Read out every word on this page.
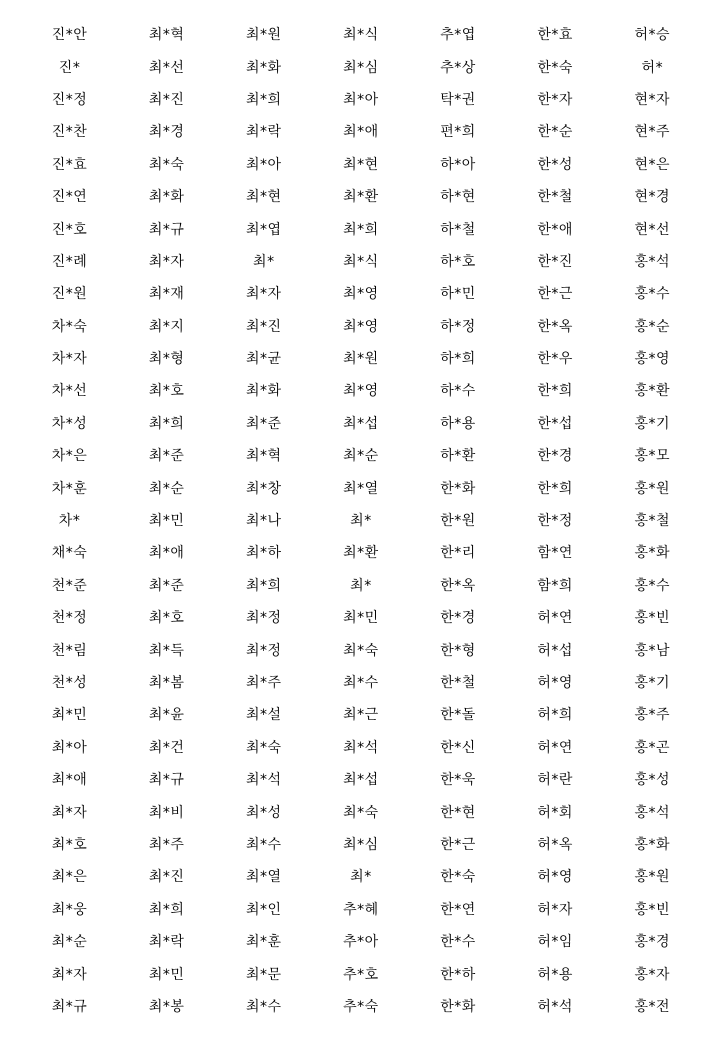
진*안	최*혁	최*원	최*식	추*엽	한*효	허*승
진*	최*선	최*화	최*심	추*상	한*숙	허*
진*정	최*진	최*희	최*아	탁*권	한*자	현*자
진*찬	최*경	최*락	최*애	편*희	한*순	현*주
진*효	최*숙	최*아	최*현	하*아	한*성	현*은
진*연	최*화	최*현	최*환	하*현	한*철	현*경
진*호	최*규	최*엽	최*희	하*철	한*애	현*선
진*례	최*자	최*	최*식	하*호	한*진	홍*석
진*원	최*재	최*자	최*영	하*민	한*근	홍*수
차*숙	최*지	최*진	최*영	하*정	한*옥	홍*순
차*자	최*형	최*균	최*원	하*희	한*우	홍*영
차*선	최*호	최*화	최*영	하*수	한*희	홍*환
차*성	최*희	최*준	최*섭	하*용	한*섭	홍*기
차*은	최*준	최*혁	최*순	하*환	한*경	홍*모
차*훈	최*순	최*창	최*열	한*화	한*희	홍*원
차*	최*민	최*나	최*	한*원	한*정	홍*철
채*숙	최*애	최*하	최*환	한*리	함*연	홍*화
천*준	최*준	최*희	최*	한*옥	함*희	홍*수
천*정	최*호	최*정	최*민	한*경	허*연	홍*빈
천*림	최*득	최*정	최*숙	한*형	허*섭	홍*남
천*성	최*봄	최*주	최*수	한*철	허*영	홍*기
최*민	최*윤	최*설	최*근	한*돌	허*희	홍*주
최*아	최*건	최*숙	최*석	한*신	허*연	홍*곤
최*애	최*규	최*석	최*섭	한*욱	허*란	홍*성
최*자	최*비	최*성	최*숙	한*현	허*회	홍*석
최*호	최*주	최*수	최*심	한*근	허*옥	홍*화
최*은	최*진	최*열	최*	한*숙	허*영	홍*원
최*웅	최*희	최*인	추*혜	한*연	허*자	홍*빈
최*순	최*락	최*훈	추*아	한*수	허*임	홍*경
최*자	최*민	최*문	추*호	한*하	허*용	홍*자
최*규	최*봉	최*수	추*숙	한*화	허*석	홍*전
